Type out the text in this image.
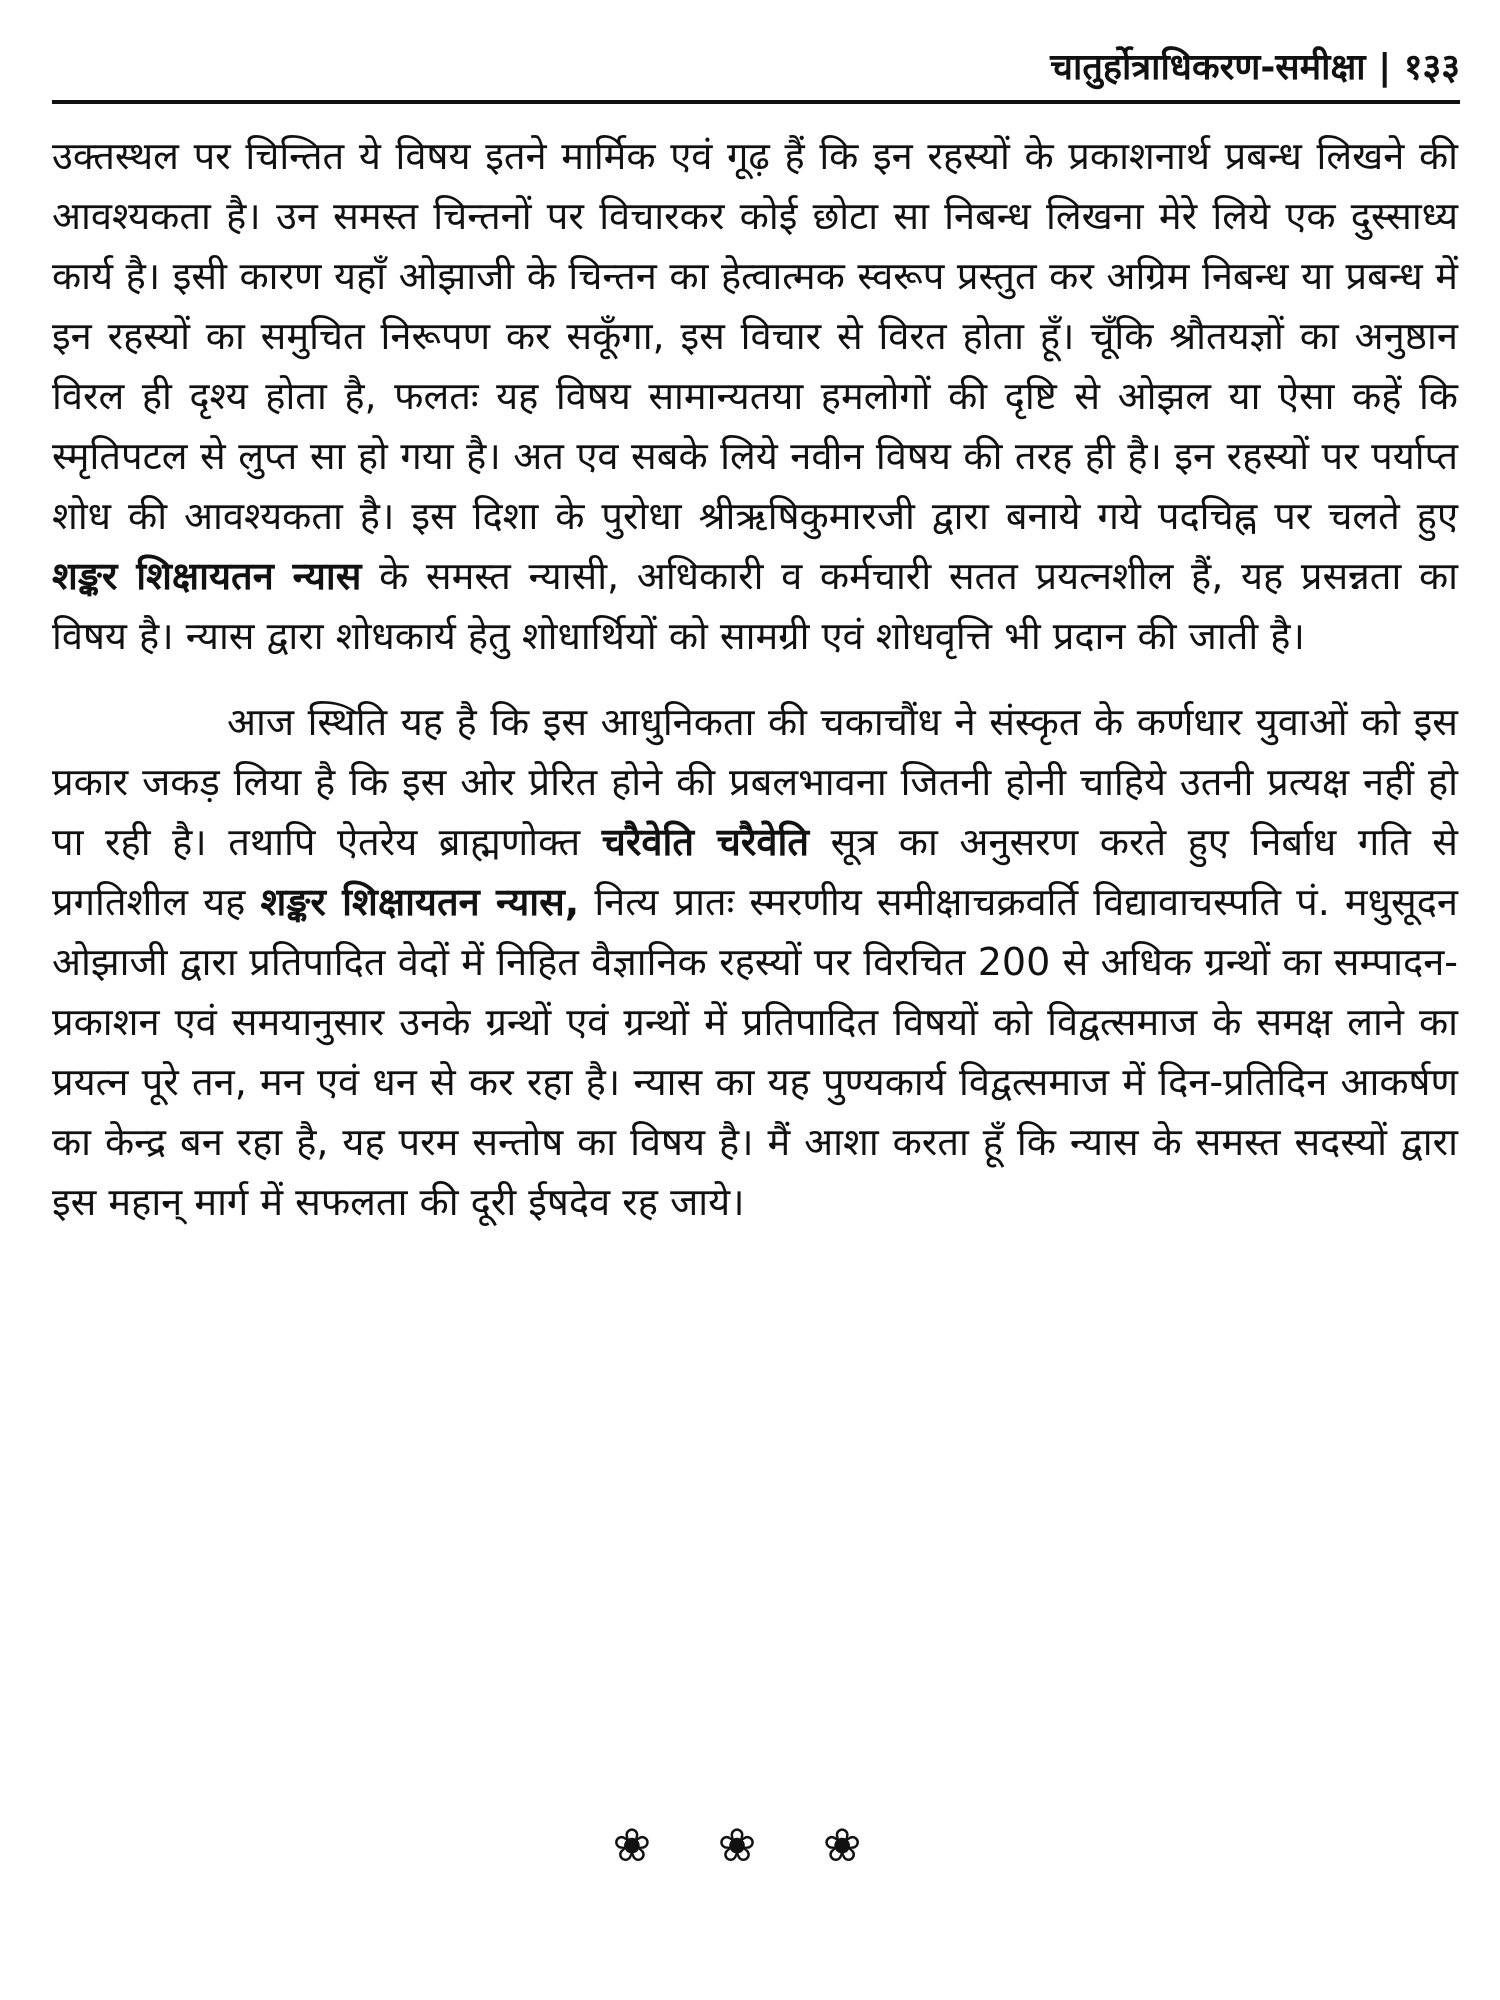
चातुर्होत्राधिकरण-समीक्षा | १३३

उक्तस्थल पर चिन्तित ये विषय इतने मार्मिक एवं गूढ़ हैं कि इन रहस्यों के प्रकाशनार्थ प्रबन्ध लिखने की आवश्यकता है। उन समस्त चिन्तनों पर विचारकर कोई छोटा सा निबन्ध लिखना मेरे लिये एक दुस्साध्य कार्य है। इसी कारण यहाँ ओझाजी के चिन्तन का हेत्वात्मक स्वरूप प्रस्तुत कर अग्रिम निबन्ध या प्रबन्ध में इन रहस्यों का समुचित निरूपण कर सकूँगा, इस विचार से विरत होता हूँ। चूँकि श्रौतयज्ञों का अनुष्ठान विरल ही दृश्य होता है, फलतः यह विषय सामान्यतया हमलोगों की दृष्टि से ओझल या ऐसा कहें कि स्मृतिपटल से लुप्त सा हो गया है। अत एव सबके लिये नवीन विषय की तरह ही है। इन रहस्यों पर पर्याप्त शोध की आवश्यकता है। इस दिशा के पुरोधा श्रीऋषिकुमारजी द्वारा बनाये गये पदचिह्न पर चलते हुए शङ्कर शिक्षायतन न्यास के समस्त न्यासी, अधिकारी व कर्मचारी सतत प्रयत्नशील हैं, यह प्रसन्नता का विषय है। न्यास द्वारा शोधकार्य हेतु शोधार्थियों को सामग्री एवं शोधवृत्ति भी प्रदान की जाती है।

आज स्थिति यह है कि इस आधुनिकता की चकाचौंध ने संस्कृत के कर्णधार युवाओं को इस प्रकार जकड़ लिया है कि इस ओर प्रेरित होने की प्रबलभावना जितनी होनी चाहिये उतनी प्रत्यक्ष नहीं हो पा रही है। तथापि ऐतरेय ब्राह्मणोक्त चरैवेति चरैवेति सूत्र का अनुसरण करते हुए निर्बाध गति से प्रगतिशील यह शङ्कर शिक्षायतन न्यास, नित्य प्रातः स्मरणीय समीक्षाचक्रवर्ति विद्यावाचस्पति पं. मधुसूदन ओझाजी द्वारा प्रतिपादित वेदों में निहित वैज्ञानिक रहस्यों पर विरचित 200 से अधिक ग्रन्थों का सम्पादन-प्रकाशन एवं समयानुसार उनके ग्रन्थों एवं ग्रन्थों में प्रतिपादित विषयों को विद्वत्समाज के समक्ष लाने का प्रयत्न पूरे तन, मन एवं धन से कर रहा है। न्यास का यह पुण्यकार्य विद्वत्समाज में दिन-प्रतिदिन आकर्षण का केन्द्र बन रहा है, यह परम सन्तोष का विषय है। मैं आशा करता हूँ कि न्यास के समस्त सदस्यों द्वारा इस महान् मार्ग में सफलता की दूरी ईषदेव रह जाये।

❀ ❀ ❀
